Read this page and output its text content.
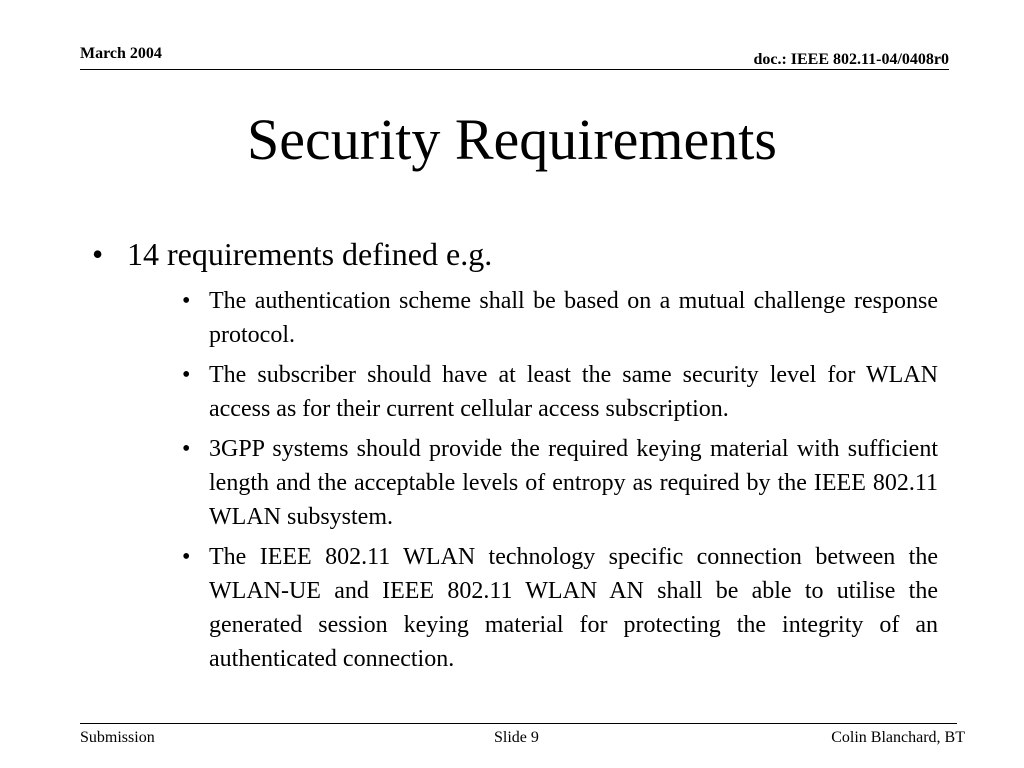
March 2004	doc.: IEEE 802.11-04/0408r0
Security Requirements
• 14 requirements defined e.g.
• The authentication scheme shall be based on a mutual challenge response protocol.
• The subscriber should have at least the same security level for WLAN access as for their current cellular access subscription.
• 3GPP systems should provide the required keying material with sufficient length and the acceptable levels of entropy as required by the IEEE 802.11 WLAN subsystem.
• The IEEE 802.11 WLAN technology specific connection between the WLAN-UE and IEEE 802.11 WLAN AN shall be able to utilise the generated session keying material for protecting the integrity of an authenticated connection.
Submission	Slide 9	Colin Blanchard, BT
